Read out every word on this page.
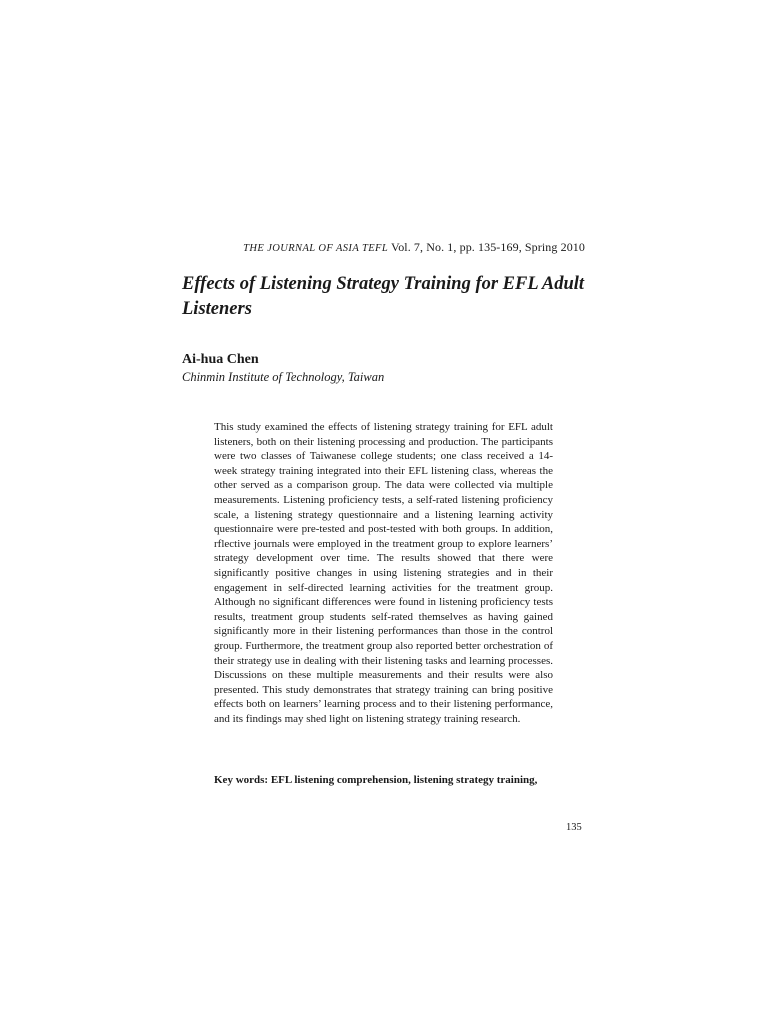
THE JOURNAL OF ASIA TEFL Vol. 7, No. 1, pp. 135-169, Spring 2010
Effects of Listening Strategy Training for EFL Adult Listeners

Ai-hua Chen

Chinmin Institute of Technology, Taiwan

This study examined the effects of listening strategy training for EFL adult listeners, both on their listening processing and production. The participants were two classes of Taiwanese college students; one class received a 14-week strategy training integrated into their EFL listening class, whereas the other served as a comparison group. The data were collected via multiple measurements. Listening proficiency tests, a self-rated listening proficiency scale, a listening strategy questionnaire and a listening learning activity questionnaire were pre-tested and post-tested with both groups. In addition, rflective journals were employed in the treatment group to explore learners’ strategy development over time. The results showed that there were significantly positive changes in using listening strategies and in their engagement in self-directed learning activities for the treatment group. Although no significant differences were found in listening proficiency tests results, treatment group students self-rated themselves as having gained significantly more in their listening performances than those in the control group. Furthermore, the treatment group also reported better orchestration of their strategy use in dealing with their listening tasks and learning processes. Discussions on these multiple measurements and their results were also presented. This study demonstrates that strategy training can bring positive effects both on learners’ learning process and to their listening performance, and its findings may shed light on listening strategy training research.

Key words: EFL listening comprehension, listening strategy training,

135
